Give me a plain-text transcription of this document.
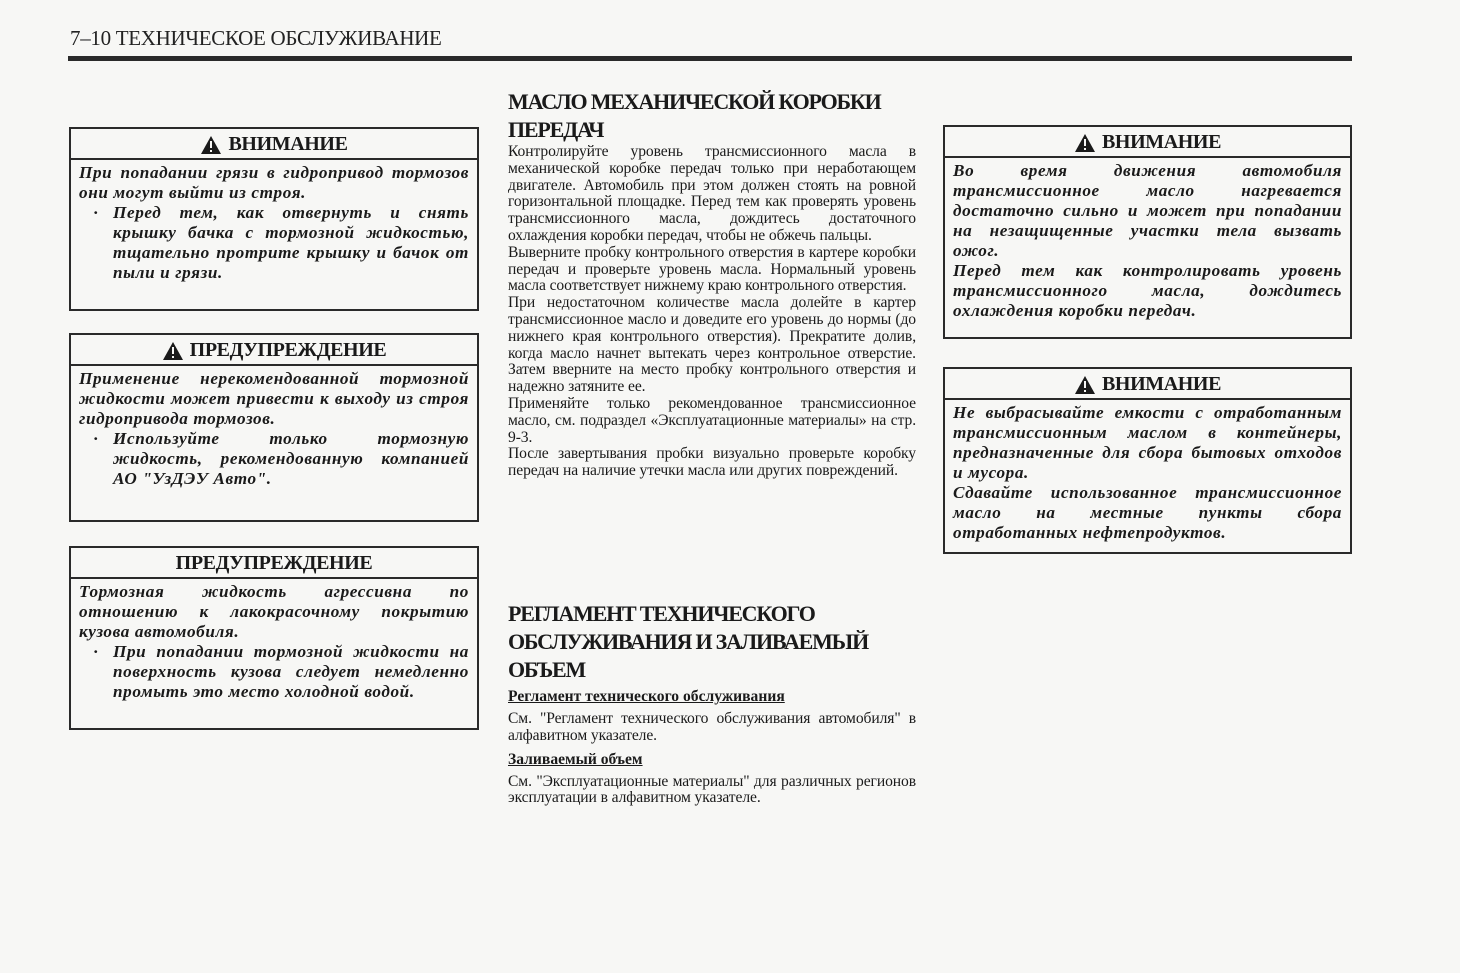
7–10 ТЕХНИЧЕСКОЕ ОБСЛУЖИВАНИЕ
ВНИМАНИЕ
При попадании грязи в гидропривод тормозов они могут выйти из строя.
· Перед тем, как отвернуть и снять крышку бачка с тормозной жидкостью, тщательно протрите крышку и бачок от пыли и грязи.
ПРЕДУПРЕЖДЕНИЕ
Применение нерекомендованной тормозной жидкости может привести к выходу из строя гидропривода тормозов.
· Используйте только тормозную жидкость, рекомендованную компанией АО "УзДЭУ Авто".
ПРЕДУПРЕЖДЕНИЕ
Тормозная жидкость агрессивна по отношению к лакокрасочному покрытию кузова автомобиля.
· При попадании тормозной жидкости на поверхность кузова следует немедленно промыть это место холодной водой.

МАСЛО МЕХАНИЧЕСКОЙ КОРОБКИ ПЕРЕДАЧ

Контролируйте уровень трансмиссионного масла в механической коробке передач только при неработающем двигателе. Автомобиль при этом должен стоять на ровной горизонтальной площадке. Перед тем как проверять уровень трансмиссионного масла, дождитесь достаточного охлаждения коробки передач, чтобы не обжечь пальцы.

Выверните пробку контрольного отверстия в картере коробки передач и проверьте уровень масла. Нормальный уровень масла соответствует нижнему краю контрольного отверстия.

При недостаточном количестве масла долейте в картер трансмиссионное масло и доведите его уровень до нормы (до нижнего края контрольного отверстия). Прекратите долив, когда масло начнет вытекать через контрольное отверстие. Затем вверните на место пробку контрольного отверстия и надежно затяните ее.

Применяйте только рекомендованное трансмиссионное масло, см. подраздел «Эксплуатационные материалы» на стр. 9-3.

После завертывания пробки визуально проверьте коробку передач на наличие утечки масла или других повреждений.

РЕГЛАМЕНТ ТЕХНИЧЕСКОГО ОБСЛУЖИВАНИЯ И ЗАЛИВАЕМЫЙ ОБЪЕМ

Регламент технического обслуживания

См. "Регламент технического обслуживания автомобиля" в алфавитном указателе.

Заливаемый объем

См. "Эксплуатационные материалы" для различных регионов эксплуатации в алфавитном указателе.

ВНИМАНИЕ
Во время движения автомобиля трансмиссионное масло нагревается достаточно сильно и может при попадании на незащищенные участки тела вызвать ожог.
Перед тем как контролировать уровень трансмиссионного масла, дождитесь охлаждения коробки передач.
ВНИМАНИЕ
Не выбрасывайте емкости с отработанным трансмиссионным маслом в контейнеры, предназначенные для сбора бытовых отходов и мусора.
Сдавайте использованное трансмиссионное масло на местные пункты сбора отработанных нефтепродуктов.
